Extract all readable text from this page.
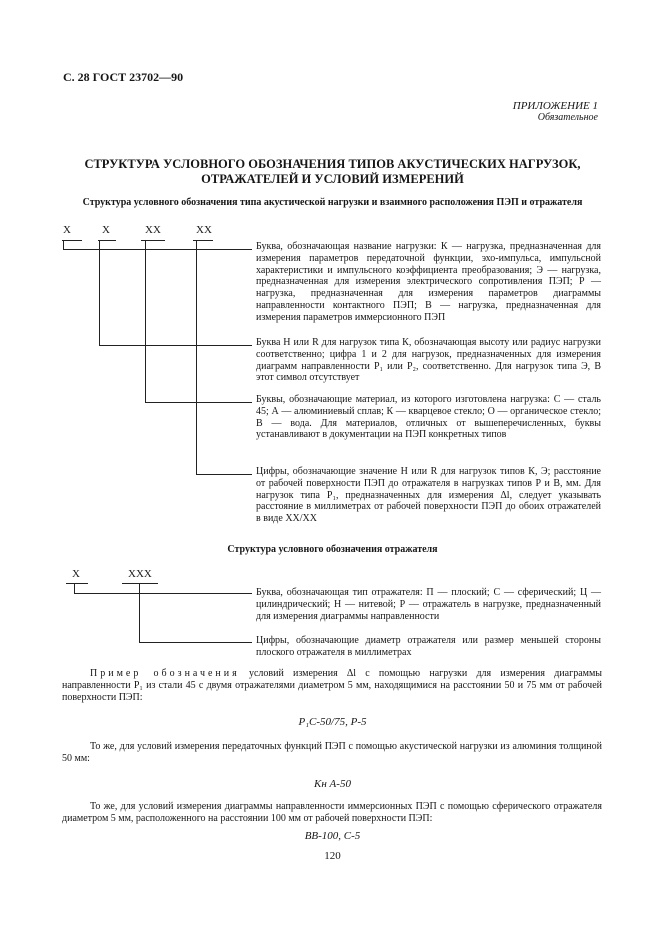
С. 28 ГОСТ 23702—90
ПРИЛОЖЕНИЕ 1
Обязательное
СТРУКТУРА УСЛОВНОГО ОБОЗНАЧЕНИЯ ТИПОВ АКУСТИЧЕСКИХ НАГРУЗОК,
ОТРАЖАТЕЛЕЙ И УСЛОВИЙ ИЗМЕРЕНИЙ
Структура условного обозначения типа акустической нагрузки и взаимного расположения ПЭП и отражателя
X	X	XX	XX
Буква, обозначающая название нагрузки: К — нагрузка, предназначенная для измерения параметров передаточной функции, эхо-импульса, импульсной характеристики и импульсного коэффициента преобразования; Э — нагрузка, предназначенная для измерения электрического сопротивления ПЭП; Р — нагрузка, предназначенная для измерения параметров диаграммы направленности контактного ПЭП; В — нагрузка, предназначенная для измерения параметров иммерсионного ПЭП
Буква Н или R для нагрузок типа К, обозначающая высоту или радиус нагрузки соответственно; цифра 1 и 2 для нагрузок, предназначенных для измерения диаграмм направленности P₁ или P₂, соответственно. Для нагрузок типа Э, В этот символ отсутствует
Буквы, обозначающие материал, из которого изготовлена нагрузка: С — сталь 45; А — алюминиевый сплав; К — кварцевое стекло; О — органическое стекло; В — вода. Для материалов, отличных от вышеперечисленных, буквы устанавливают в документации на ПЭП конкретных типов
Цифры, обозначающие значение Н или R для нагрузок типов К, Э; расстояние от рабочей поверхности ПЭП до отражателя в нагрузках типов Р и В, мм. Для нагрузок типа P₁, предназначенных для измерения Δl, следует указывать расстояние в миллиметрах от рабочей поверхности ПЭП до обоих отражателей в виде XX/XX
Структура условного обозначения отражателя
X	XXX
Буква, обозначающая тип отражателя: П — плоский; С — сферический; Ц — цилиндрический; Н — нитевой; Р — отражатель в нагрузке, предназначенный для измерения диаграммы направленности
Цифры, обозначающие диаметр отражателя или размер меньшей стороны плоского отражателя в миллиметрах
Пример обозначения условий измерения Δl с помощью нагрузки для измерения диаграммы направленности P₁ из стали 45 с двумя отражателями диаметром 5 мм, находящимися на расстоянии 50 и 75 мм от рабочей поверхности ПЭП:
P₁С-50/75, Р-5
То же, для условий измерения передаточных функций ПЭП с помощью акустической нагрузки из алюминия толщиной 50 мм:
Кн А-50
То же, для условий измерения диаграммы направленности иммерсионных ПЭП с помощью сферического отражателя диаметром 5 мм, расположенного на расстоянии 100 мм от рабочей поверхности ПЭП:
ВВ-100, С-5
120
